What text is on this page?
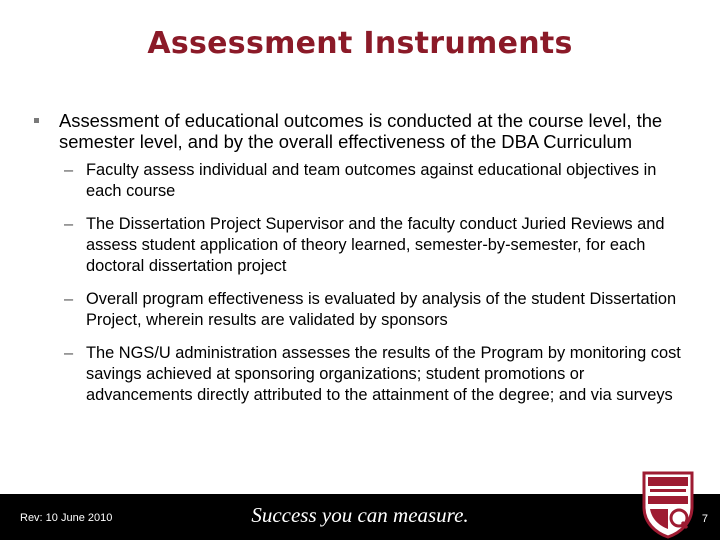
Assessment Instruments
Assessment of educational outcomes is conducted at the course level, the semester level, and by the overall effectiveness of the DBA Curriculum
– Faculty assess individual and team outcomes against educational objectives in each course
– The Dissertation Project Supervisor and the faculty conduct Juried Reviews and assess student application of theory learned, semester-by-semester, for each doctoral dissertation project
– Overall program effectiveness is evaluated by analysis of the student Dissertation Project, wherein results are validated by sponsors
– The NGS/U administration assesses the results of the Program by monitoring cost savings achieved at sponsoring organizations; student promotions or advancements directly attributed to the attainment of the degree; and via surveys
Rev: 10 June 2010	Success you can measure.	7
